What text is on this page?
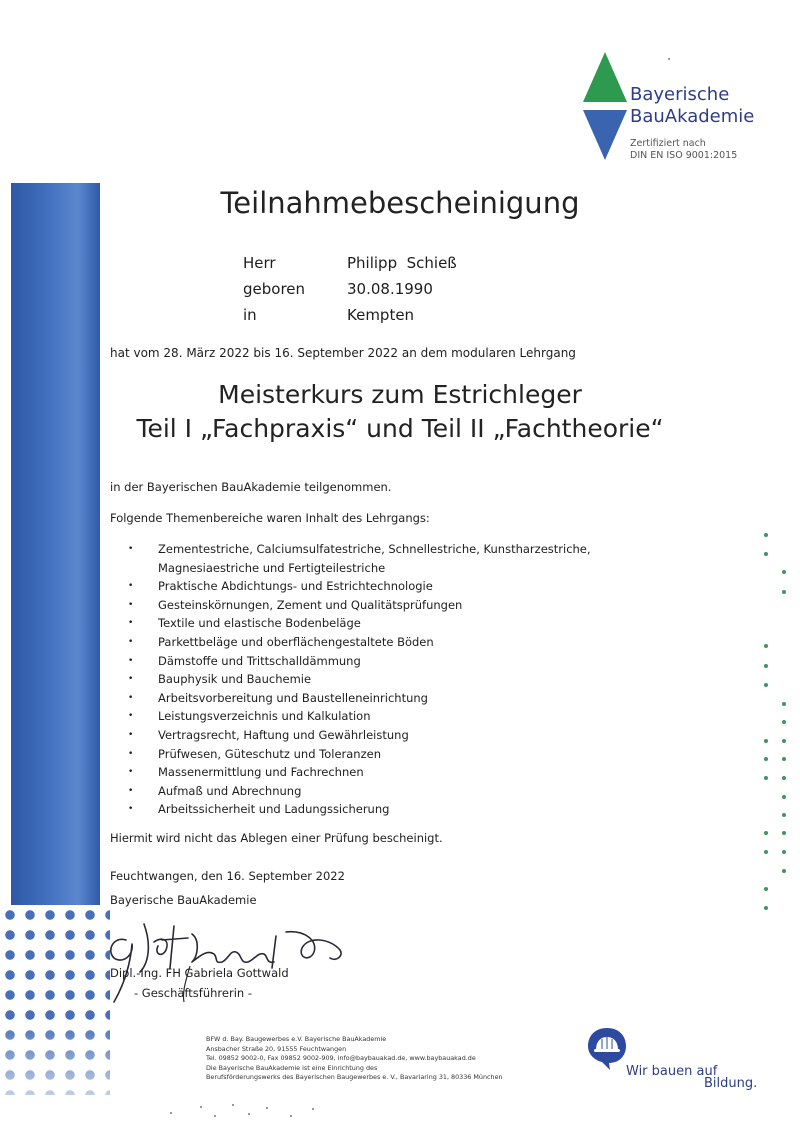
Bayerische
BauAkademie
Zertifiziert nach
DIN EN ISO 9001:2015
Teilnahmebescheinigung
Herr	Philipp  Schieß
geboren	30.08.1990
in	Kempten
hat vom 28. März 2022 bis 16. September 2022 an dem modularen Lehrgang
Meisterkurs zum Estrichleger
Teil I „Fachpraxis“ und Teil II „Fachtheorie“
in der Bayerischen BauAkademie teilgenommen.
Folgende Themenbereiche waren Inhalt des Lehrgangs:
•	Zementestriche, Calciumsulfatestriche, Schnellestriche, Kunstharzestriche, Magnesiaestriche und Fertigteilestriche
•	Praktische Abdichtungs- und Estrichtechnologie
•	Gesteinskörnungen, Zement und Qualitätsprüfungen
•	Textile und elastische Bodenbeläge
•	Parkettbeläge und oberflächengestaltete Böden
•	Dämstoffe und Trittschalldämmung
•	Bauphysik und Bauchemie
•	Arbeitsvorbereitung und Baustelleneinrichtung
•	Leistungsverzeichnis und Kalkulation
•	Vertragsrecht, Haftung und Gewährleistung
•	Prüfwesen, Güteschutz und Toleranzen
•	Massenermittlung und Fachrechnen
•	Aufmaß und Abrechnung
•	Arbeitssicherheit und Ladungssicherung
Hiermit wird nicht das Ablegen einer Prüfung bescheinigt.
Feuchtwangen, den 16. September 2022
Bayerische BauAkademie
Dipl.-Ing. FH Gabriela Gottwald
- Geschäftsführerin -
BFW d. Bay. Baugewerbes e.V. Bayerische BauAkademie
Ansbacher Straße 20, 91555 Feuchtwangen
Tel. 09852 9002-0, Fax 09852 9002-909, info@baybauakad.de, www.baybauakad.de
Die Bayerische BauAkademie ist eine Einrichtung des
Berufsförderungswerks des Bayerischen Baugewerbes e. V., Bavariaring 31, 80336 München	Wir bauen auf
Bildung.
